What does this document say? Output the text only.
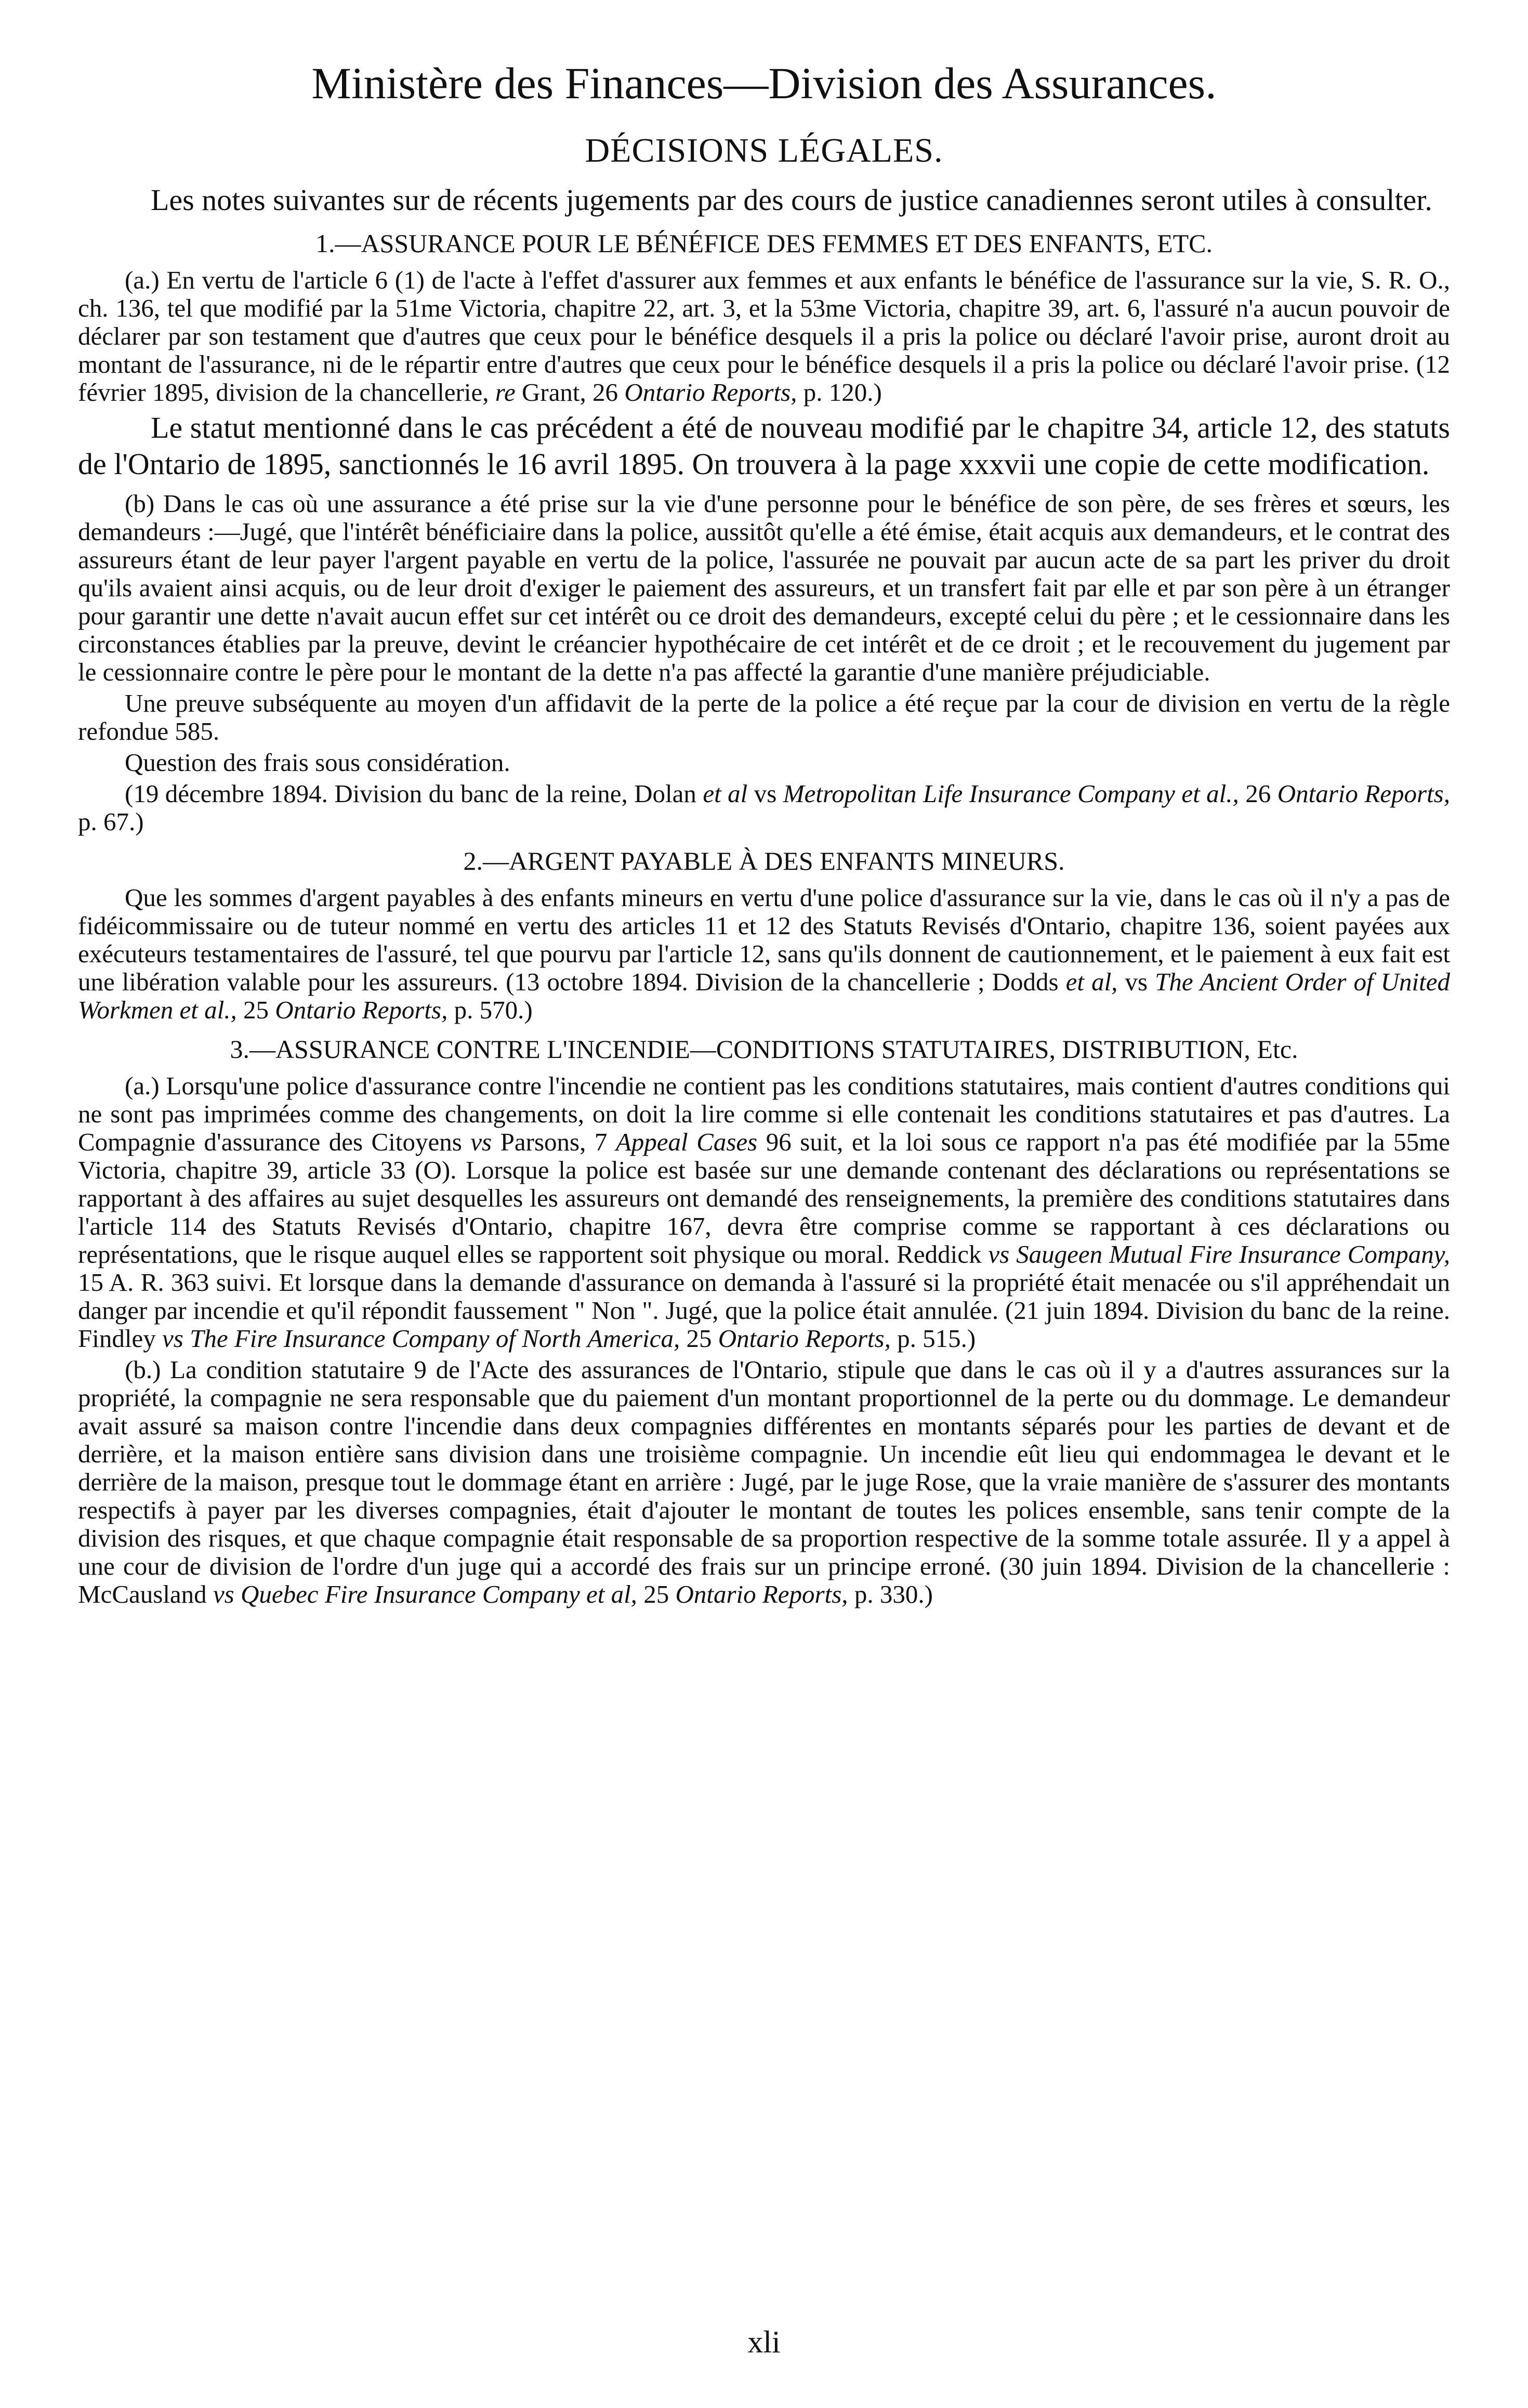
Ministère des Finances—Division des Assurances.
DÉCISIONS LÉGALES.

Les notes suivantes sur de récents jugements par des cours de justice canadiennes seront utiles à consulter.

1.—ASSURANCE POUR LE BÉNÉFICE DES FEMMES ET DES ENFANTS, ETC.

(a.) En vertu de l'article 6 (1) de l'acte à l'effet d'assurer aux femmes et aux enfants le bénéfice de l'assurance sur la vie, S. R. O., ch. 136, tel que modifié par la 51me Victoria, chapitre 22, art. 3, et la 53me Victoria, chapitre 39, art. 6, l'assuré n'a aucun pouvoir de déclarer par son testament que d'autres que ceux pour le bénéfice desquels il a pris la police ou déclaré l'avoir prise, auront droit au montant de l'assurance, ni de le répartir entre d'autres que ceux pour le bénéfice desquels il a pris la police ou déclaré l'avoir prise. (12 février 1895, division de la chancellerie, re Grant, 26 Ontario Reports, p. 120.)

Le statut mentionné dans le cas précédent a été de nouveau modifié par le chapitre 34, article 12, des statuts de l'Ontario de 1895, sanctionnés le 16 avril 1895. On trouvera à la page xxxvii une copie de cette modification.

(b) Dans le cas où une assurance a été prise sur la vie d'une personne pour le bénéfice de son père, de ses frères et sœurs, les demandeurs :—Jugé, que l'intérêt bénéficiaire dans la police, aussitôt qu'elle a été émise, était acquis aux demandeurs, et le contrat des assureurs étant de leur payer l'argent payable en vertu de la police, l'assurée ne pouvait par aucun acte de sa part les priver du droit qu'ils avaient ainsi acquis, ou de leur droit d'exiger le paiement des assureurs, et un transfert fait par elle et par son père à un étranger pour garantir une dette n'avait aucun effet sur cet intérêt ou ce droit des demandeurs, excepté celui du père ; et le cessionnaire dans les circonstances établies par la preuve, devint le créancier hypothécaire de cet intérêt et de ce droit ; et le recouvement du jugement par le cessionnaire contre le père pour le montant de la dette n'a pas affecté la garantie d'une manière préjudiciable.

Une preuve subséquente au moyen d'un affidavit de la perte de la police a été reçue par la cour de division en vertu de la règle refondue 585.

Question des frais sous considération.

(19 décembre 1894. Division du banc de la reine, Dolan et al vs Metropolitan Life Insurance Company et al., 26 Ontario Reports, p. 67.)

2.—ARGENT PAYABLE À DES ENFANTS MINEURS.

Que les sommes d'argent payables à des enfants mineurs en vertu d'une police d'assurance sur la vie, dans le cas où il n'y a pas de fidéicommissaire ou de tuteur nommé en vertu des articles 11 et 12 des Statuts Revisés d'Ontario, chapitre 136, soient payées aux exécuteurs testamentaires de l'assuré, tel que pourvu par l'article 12, sans qu'ils donnent de cautionnement, et le paiement à eux fait est une libération valable pour les assureurs. (13 octobre 1894. Division de la chancellerie ; Dodds et al, vs The Ancient Order of United Workmen et al., 25 Ontario Reports, p. 570.)

3.—ASSURANCE CONTRE L'INCENDIE—CONDITIONS STATUTAIRES, DISTRIBUTION, Etc.

(a.) Lorsqu'une police d'assurance contre l'incendie ne contient pas les conditions statutaires, mais contient d'autres conditions qui ne sont pas imprimées comme des changements, on doit la lire comme si elle contenait les conditions statutaires et pas d'autres. La Compagnie d'assurance des Citoyens vs Parsons, 7 Appeal Cases 96 suit, et la loi sous ce rapport n'a pas été modifiée par la 55me Victoria, chapitre 39, article 33 (O). Lorsque la police est basée sur une demande contenant des déclarations ou représentations se rapportant à des affaires au sujet desquelles les assureurs ont demandé des renseignements, la première des conditions statutaires dans l'article 114 des Statuts Revisés d'Ontario, chapitre 167, devra être comprise comme se rapportant à ces déclarations ou représentations, que le risque auquel elles se rapportent soit physique ou moral. Reddick vs Saugeen Mutual Fire Insurance Company, 15 A. R. 363 suivi. Et lorsque dans la demande d'assurance on demanda à l'assuré si la propriété était menacée ou s'il appréhendait un danger par incendie et qu'il répondit faussement " Non ". Jugé, que la police était annulée. (21 juin 1894. Division du banc de la reine. Findley vs The Fire Insurance Company of North America, 25 Ontario Reports, p. 515.)

(b.) La condition statutaire 9 de l'Acte des assurances de l'Ontario, stipule que dans le cas où il y a d'autres assurances sur la propriété, la compagnie ne sera responsable que du paiement d'un montant proportionnel de la perte ou du dommage. Le demandeur avait assuré sa maison contre l'incendie dans deux compagnies différentes en montants séparés pour les parties de devant et de derrière, et la maison entière sans division dans une troisième compagnie. Un incendie eût lieu qui endommagea le devant et le derrière de la maison, presque tout le dommage étant en arrière : Jugé, par le juge Rose, que la vraie manière de s'assurer des montants respectifs à payer par les diverses compagnies, était d'ajouter le montant de toutes les polices ensemble, sans tenir compte de la division des risques, et que chaque compagnie était responsable de sa proportion respective de la somme totale assurée. Il y a appel à une cour de division de l'ordre d'un juge qui a accordé des frais sur un principe erroné. (30 juin 1894. Division de la chancellerie : McCausland vs Quebec Fire Insurance Company et al, 25 Ontario Reports, p. 330.)

xli
